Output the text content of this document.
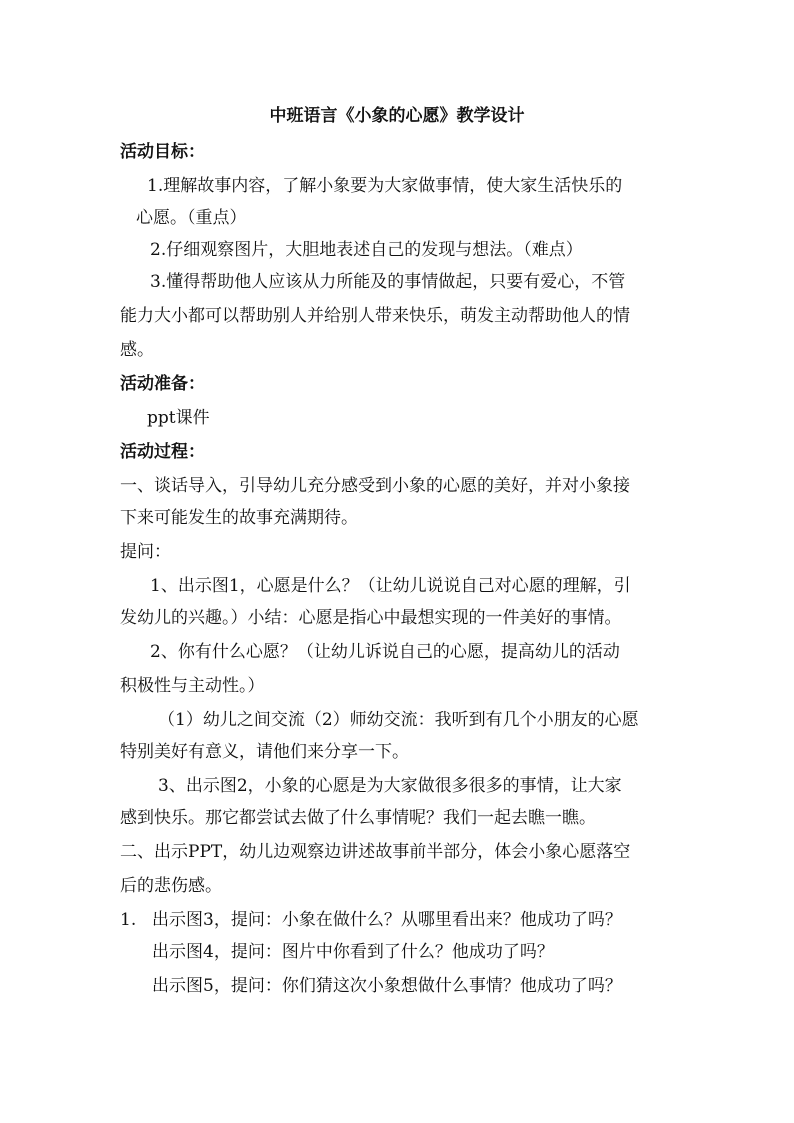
中班语言《小象的心愿》教学设计
活动目标：
1.理解故事内容，了解小象要为大家做事情，使大家生活快乐的
心愿。（重点）
2.仔细观察图片，大胆地表述自己的发现与想法。（难点）
3.懂得帮助他人应该从力所能及的事情做起，只要有爱心，不管
能力大小都可以帮助别人并给别人带来快乐，萌发主动帮助他人的情
感。
活动准备：
ppt课件
活动过程：
一、谈话导入，引导幼儿充分感受到小象的心愿的美好，并对小象接
下来可能发生的故事充满期待。
提问：
1、出示图1，心愿是什么？（让幼儿说说自己对心愿的理解，引
发幼儿的兴趣。）小结：心愿是指心中最想实现的一件美好的事情。
2、你有什么心愿？（让幼儿诉说自己的心愿，提高幼儿的活动
积极性与主动性。）
（1）幼儿之间交流（2）师幼交流：我听到有几个小朋友的心愿
特别美好有意义，请他们来分享一下。
3、出示图2，小象的心愿是为大家做很多很多的事情，让大家
感到快乐。那它都尝试去做了什么事情呢？我们一起去瞧一瞧。
二、出示PPT，幼儿边观察边讲述故事前半部分，体会小象心愿落空
后的悲伤感。
1. 出示图3，提问：小象在做什么？从哪里看出来？他成功了吗？
出示图4，提问：图片中你看到了什么？他成功了吗？
出示图5，提问：你们猜这次小象想做什么事情？他成功了吗？
